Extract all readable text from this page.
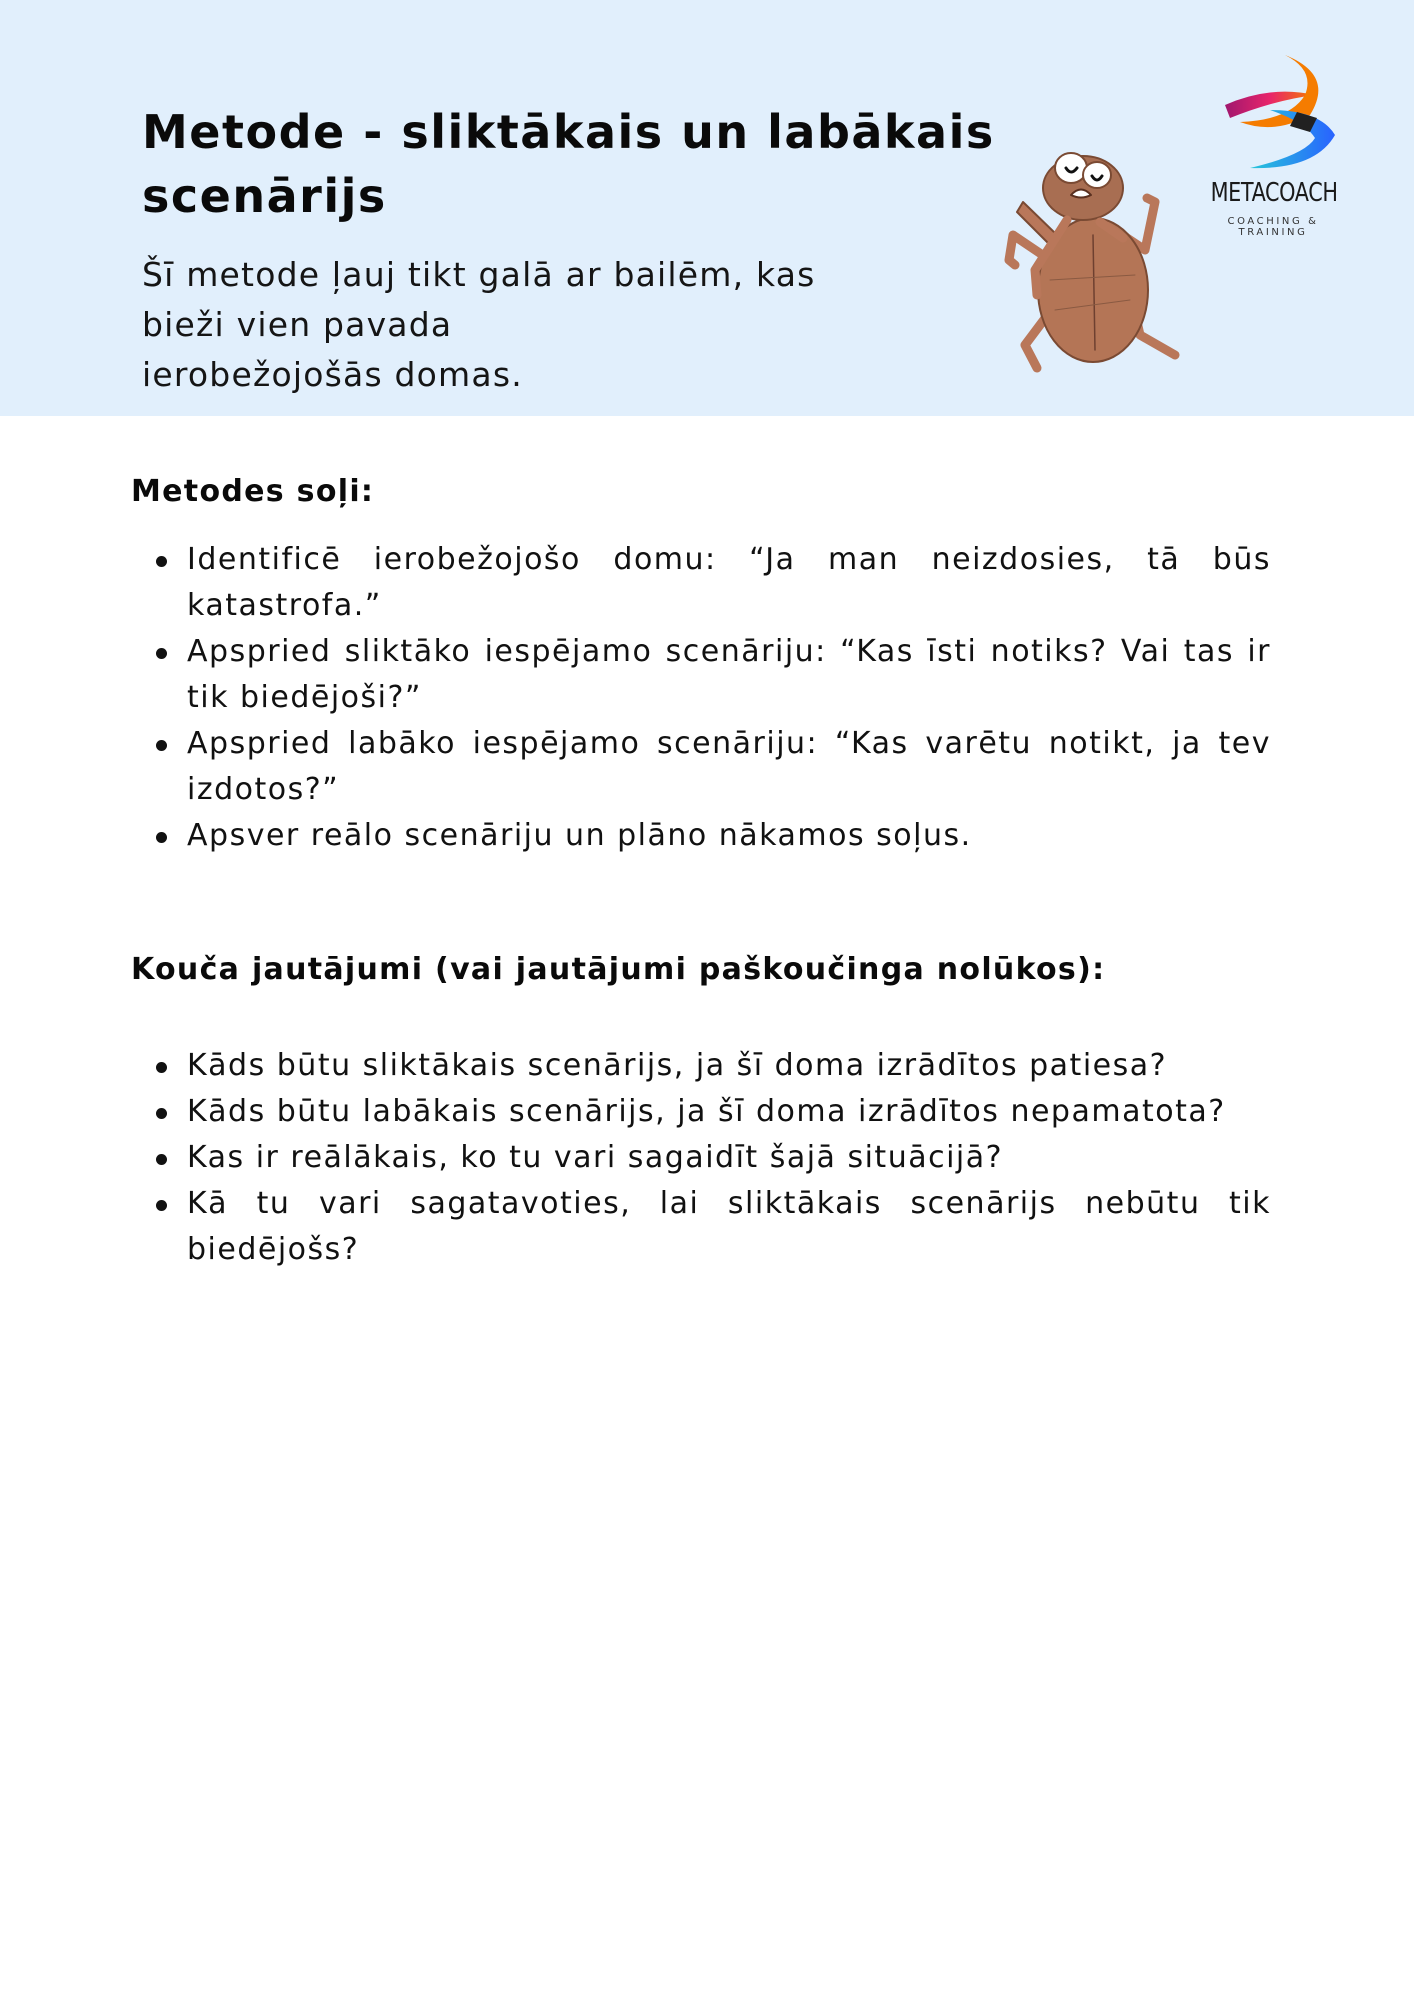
Metode - sliktākais un labākais scenārijs

Šī metode ļauj tikt galā ar bailēm, kas
bieži vien pavada
ierobežojošās domas.

METACOACH
COACHING & TRAINING
Metodes soļi:
Identificē ierobežojošo domu: “Ja man neizdosies, tā būs katastrofa.”
Apspried sliktāko iespējamo scenāriju: “Kas īsti notiks? Vai tas ir tik biedējoši?”
Apspried labāko iespējamo scenāriju: “Kas varētu notikt, ja tev izdotos?”
Apsver reālo scenāriju un plāno nākamos soļus.
Kouča jautājumi (vai jautājumi paškoučinga nolūkos):
Kāds būtu sliktākais scenārijs, ja šī doma izrādītos patiesa?
Kāds būtu labākais scenārijs, ja šī doma izrādītos nepamatota?
Kas ir reālākais, ko tu vari sagaidīt šajā situācijā?
Kā tu vari sagatavoties, lai sliktākais scenārijs nebūtu tik biedējošs?
